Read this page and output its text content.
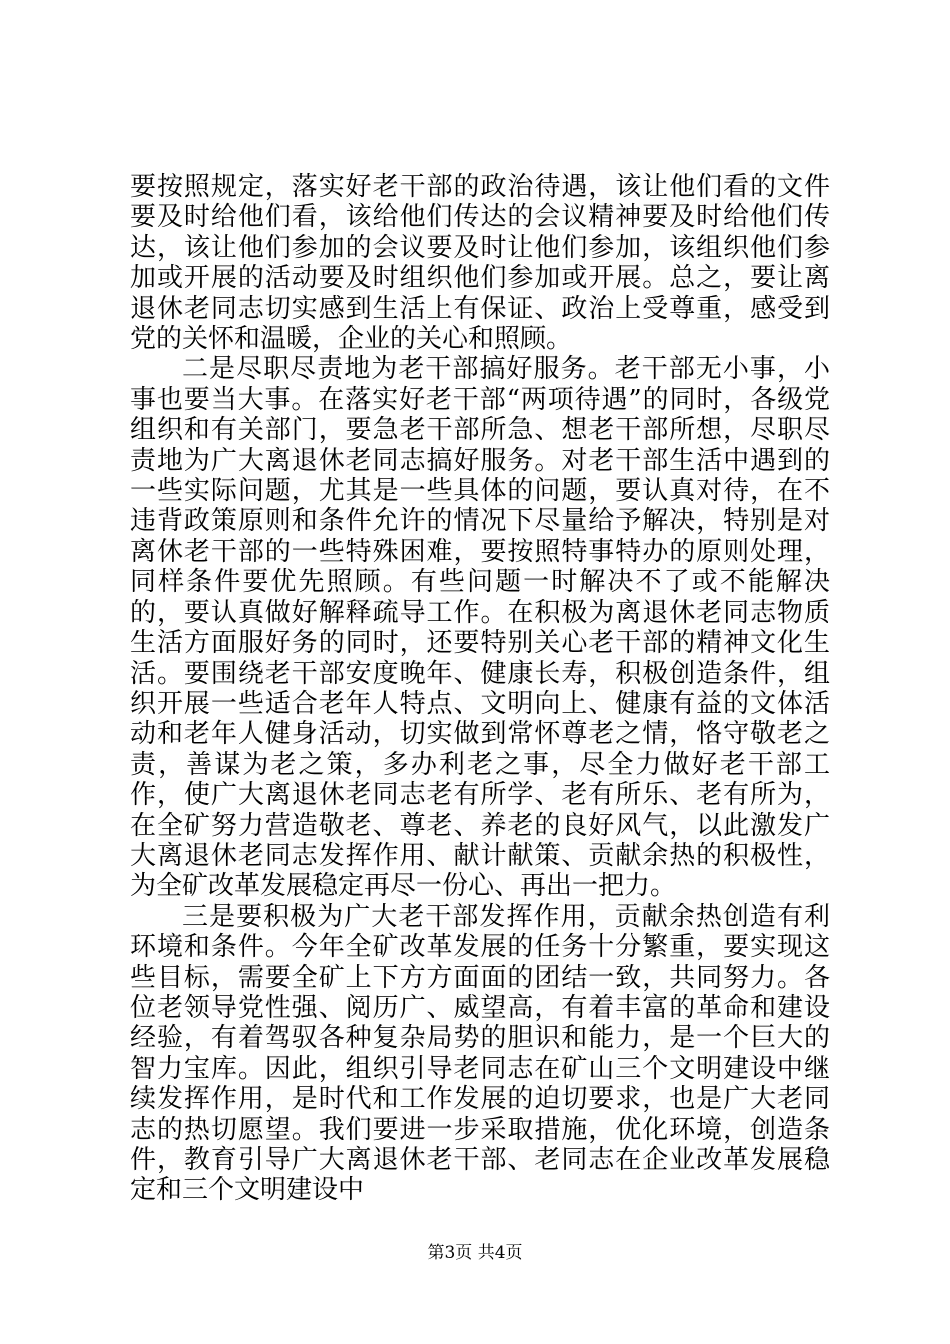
要按照规定，落实好老干部的政治待遇，该让他们看的文件要及时给他们看，该给他们传达的会议精神要及时给他们传达，该让他们参加的会议要及时让他们参加，该组织他们参加或开展的活动要及时组织他们参加或开展。总之，要让离退休老同志切实感到生活上有保证、政治上受尊重，感受到党的关怀和温暖，企业的关心和照顾。

二是尽职尽责地为老干部搞好服务。老干部无小事，小事也要当大事。在落实好老干部“两项待遇”的同时，各级党组织和有关部门，要急老干部所急、想老干部所想，尽职尽责地为广大离退休老同志搞好服务。对老干部生活中遇到的一些实际问题，尤其是一些具体的问题，要认真对待，在不违背政策原则和条件允许的情况下尽量给予解决，特别是对离休老干部的一些特殊困难，要按照特事特办的原则处理，同样条件要优先照顾。有些问题一时解决不了或不能解决的，要认真做好解释疏导工作。在积极为离退休老同志物质生活方面服好务的同时，还要特别关心老干部的精神文化生活。要围绕老干部安度晚年、健康长寿，积极创造条件，组织开展一些适合老年人特点、文明向上、健康有益的文体活动和老年人健身活动，切实做到常怀尊老之情，恪守敬老之责，善谋为老之策，多办利老之事，尽全力做好老干部工作，使广大离退休老同志老有所学、老有所乐、老有所为，在全矿努力营造敬老、尊老、养老的良好风气，以此激发广大离退休老同志发挥作用、献计献策、贡献余热的积极性，为全矿改革发展稳定再尽一份心、再出一把力。

三是要积极为广大老干部发挥作用，贡献余热创造有利环境和条件。今年全矿改革发展的任务十分繁重，要实现这些目标，需要全矿上下方方面面的团结一致，共同努力。各位老领导党性强、阅历广、威望高，有着丰富的革命和建设经验，有着驾驭各种复杂局势的胆识和能力，是一个巨大的智力宝库。因此，组织引导老同志在矿山三个文明建设中继续发挥作用，是时代和工作发展的迫切要求，也是广大老同志的热切愿望。我们要进一步采取措施，优化环境，创造条件，教育引导广大离退休老干部、老同志在企业改革发展稳定和三个文明建设中

第3页 共4页
